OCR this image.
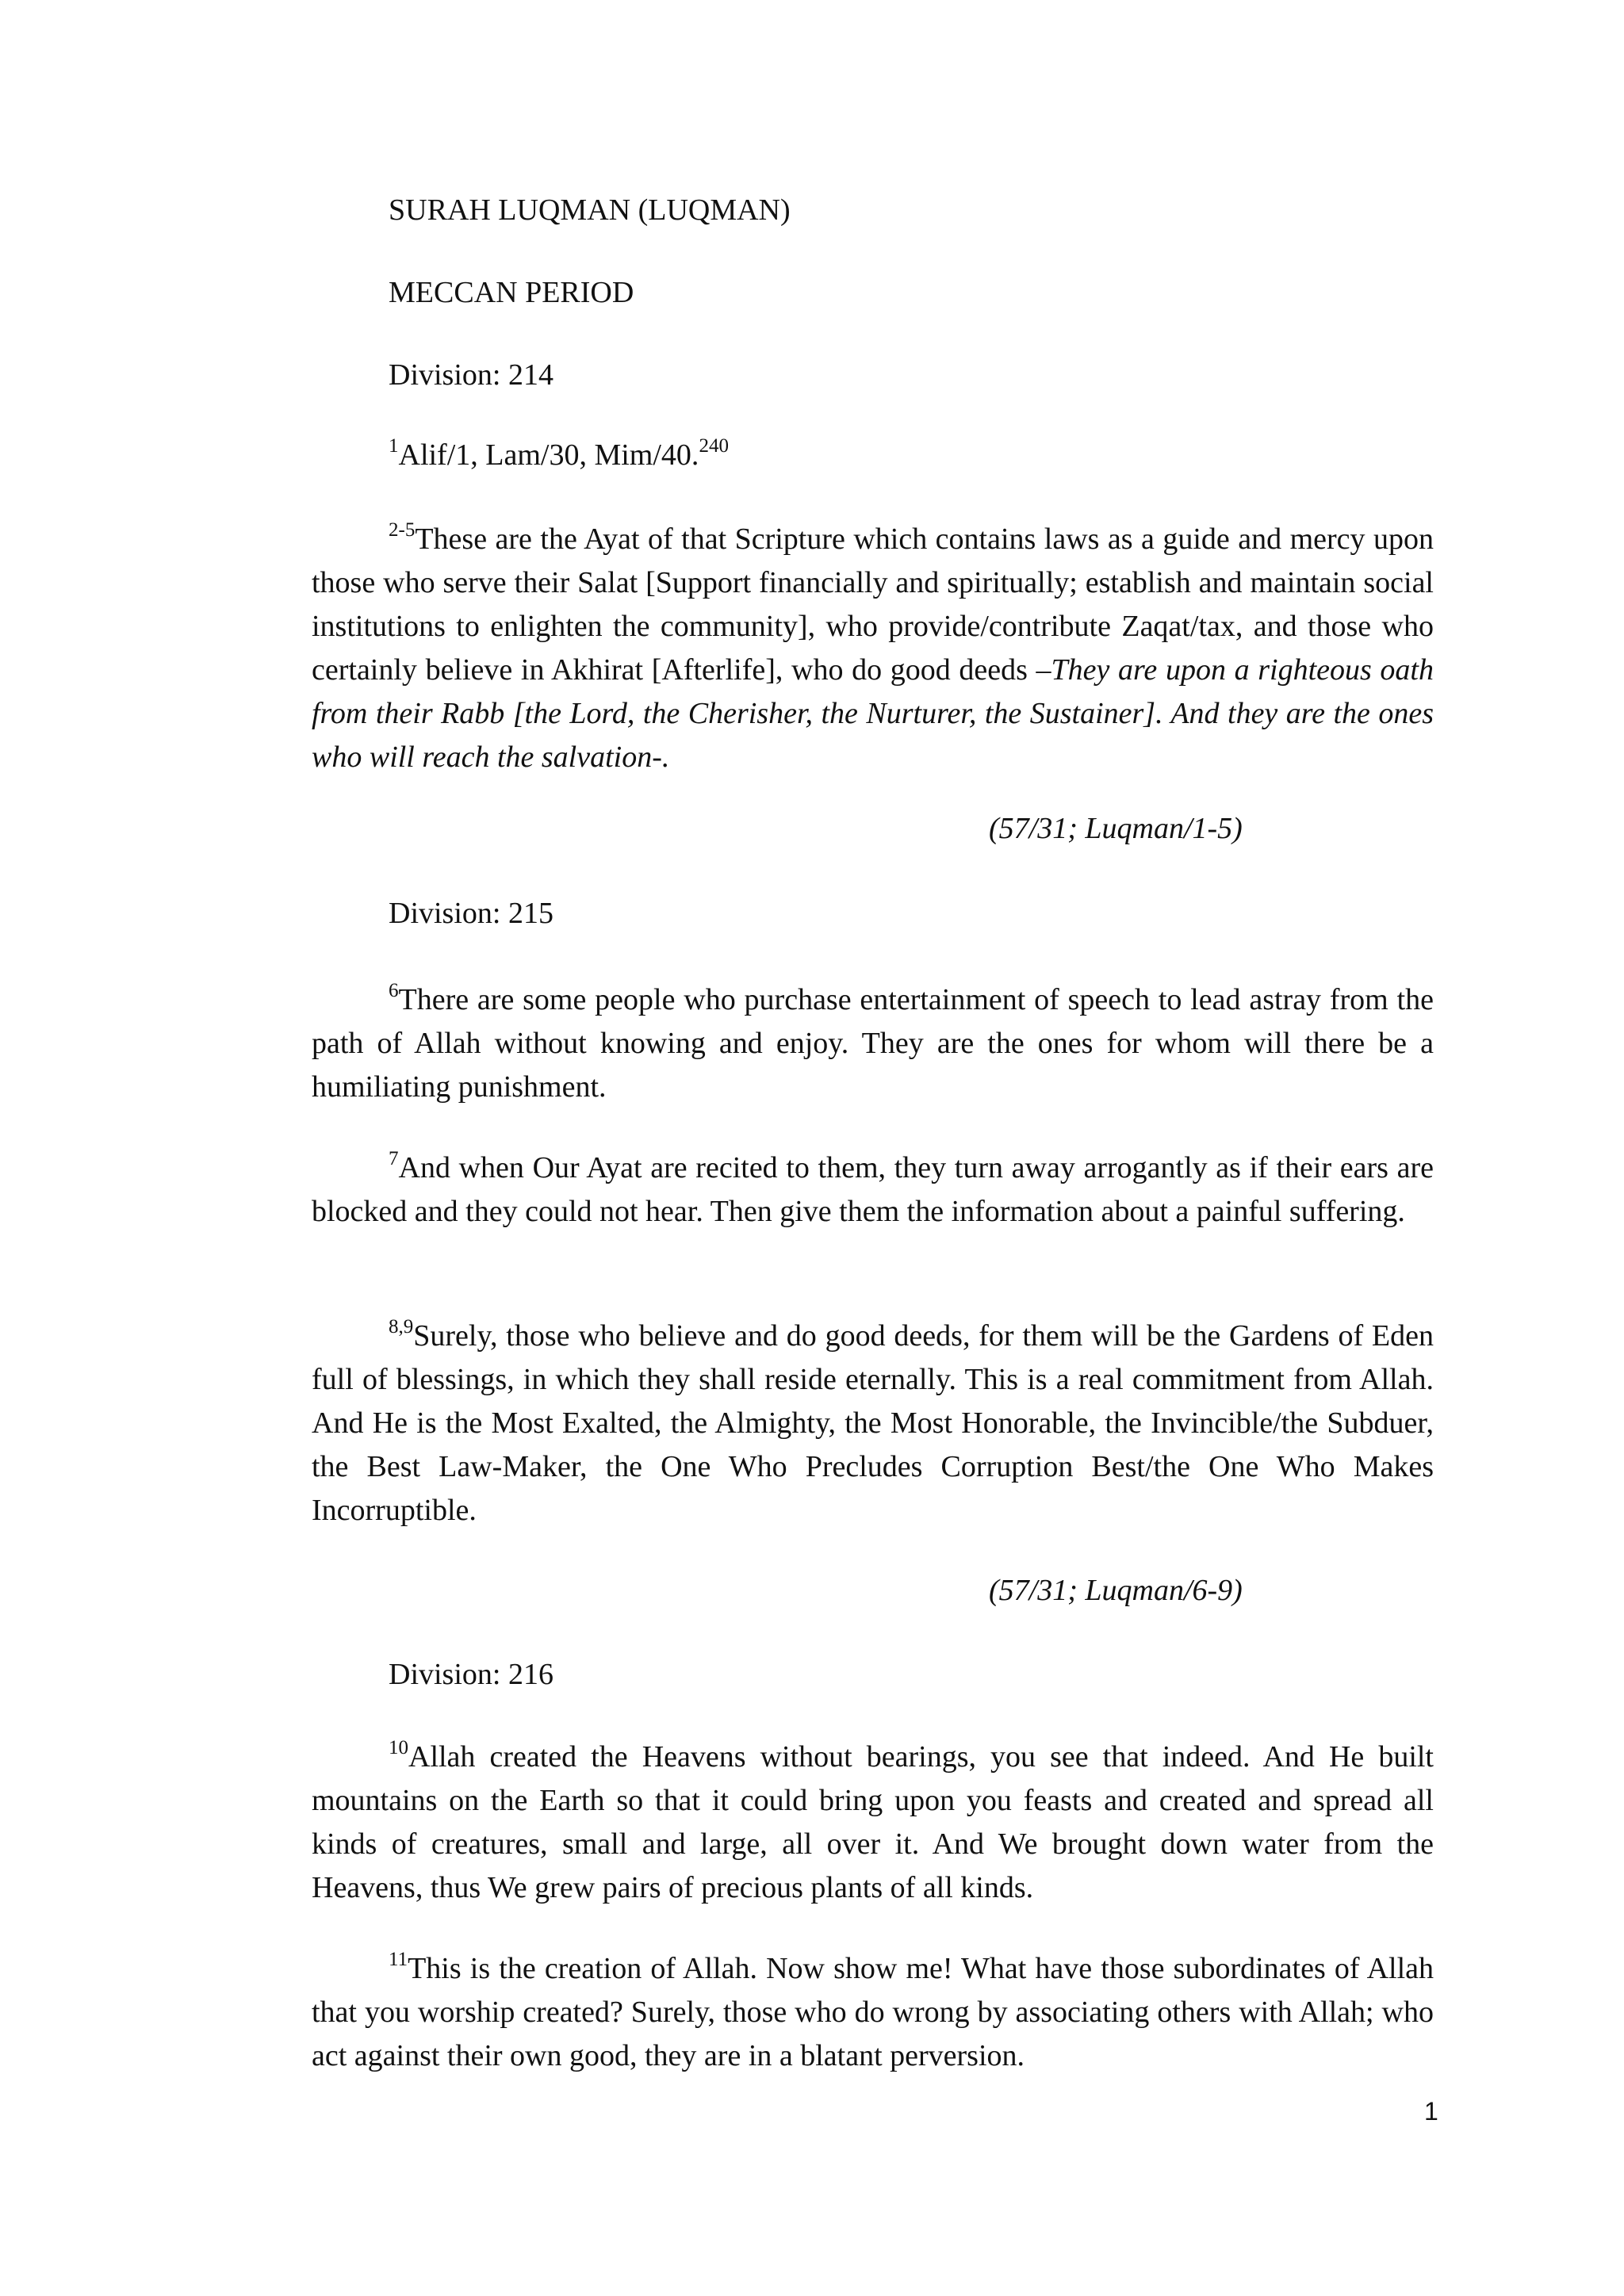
SURAH LUQMAN (LUQMAN)
MECCAN PERIOD
Division: 214
$^1$Alif/1, Lam/30, Mim/40.$^{240}$
$^{2-5}$These are the Ayat of that Scripture which contains laws as a guide and mercy upon those who serve their Salat [Support financially and spiritually; establish and maintain social institutions to enlighten the community], who provide/contribute Zaqat/tax, and those who certainly believe in Akhirat [Afterlife], who do good deeds –They are upon a righteous oath from their Rabb [the Lord, the Cherisher, the Nurturer, the Sustainer]. And they are the ones who will reach the salvation-.
(57/31; Luqman/1-5)
Division: 215
$^6$There are some people who purchase entertainment of speech to lead astray from the path of Allah without knowing and enjoy. They are the ones for whom will there be a humiliating punishment.
$^7$And when Our Ayat are recited to them, they turn away arrogantly as if their ears are blocked and they could not hear. Then give them the information about a painful suffering.
$^{8,9}$Surely, those who believe and do good deeds, for them will be the Gardens of Eden full of blessings, in which they shall reside eternally. This is a real commitment from Allah. And He is the Most Exalted, the Almighty, the Most Honorable, the Invincible/the Subduer, the Best Law-Maker, the One Who Precludes Corruption Best/the One Who Makes Incorruptible.
(57/31; Luqman/6-9)
Division: 216
$^{10}$Allah created the Heavens without bearings, you see that indeed. And He built mountains on the Earth so that it could bring upon you feasts and created and spread all kinds of creatures, small and large, all over it. And We brought down water from the Heavens, thus We grew pairs of precious plants of all kinds.
$^{11}$This is the creation of Allah. Now show me! What have those subordinates of Allah that you worship created? Surely, those who do wrong by associating others with Allah; who act against their own good, they are in a blatant perversion.
1
